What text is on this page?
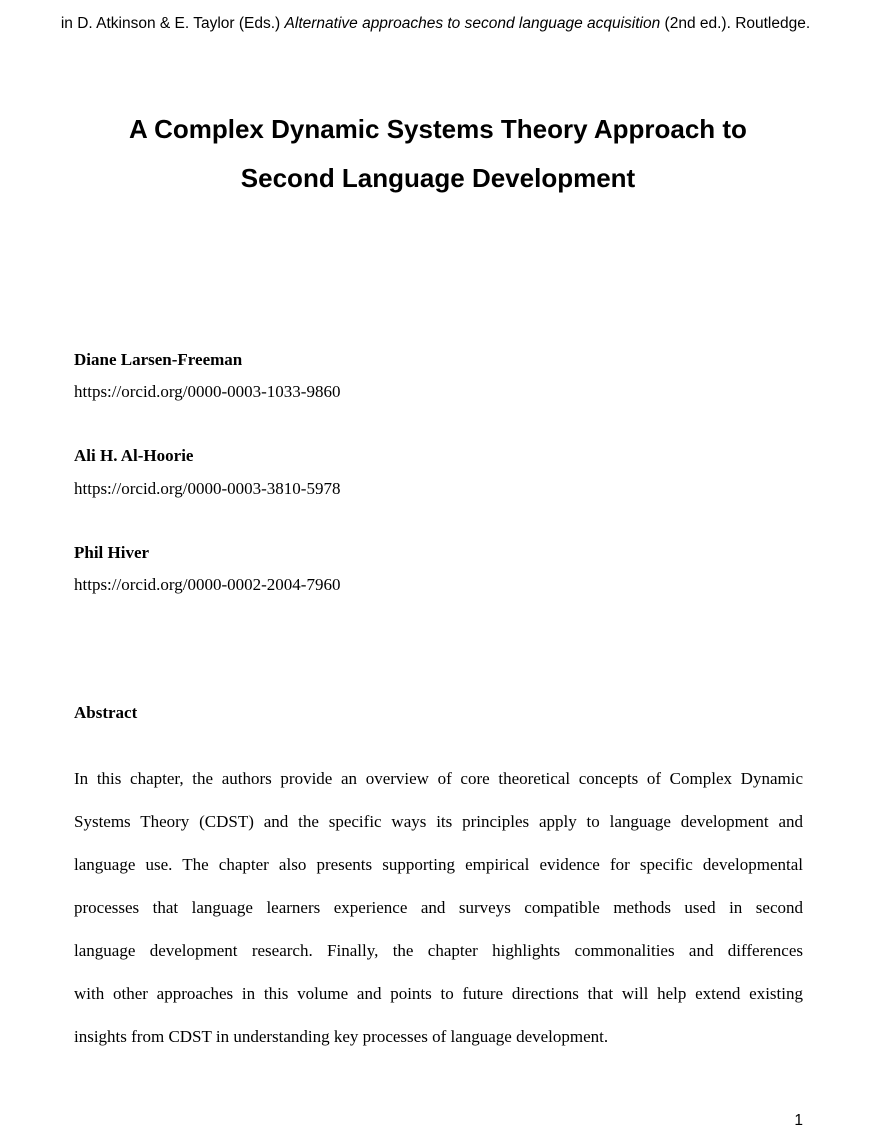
in D. Atkinson & E. Taylor (Eds.) Alternative approaches to second language acquisition (2nd ed.). Routledge.
A Complex Dynamic Systems Theory Approach to
Second Language Development
Diane Larsen-Freeman
https://orcid.org/0000-0003-1033-9860
Ali H. Al-Hoorie
https://orcid.org/0000-0003-3810-5978
Phil Hiver
https://orcid.org/0000-0002-2004-7960
Abstract
In this chapter, the authors provide an overview of core theoretical concepts of Complex Dynamic
Systems Theory (CDST) and the specific ways its principles apply to language development and
language use. The chapter also presents supporting empirical evidence for specific developmental
processes that language learners experience and surveys compatible methods used in second
language development research. Finally, the chapter highlights commonalities and differences
with other approaches in this volume and points to future directions that will help extend existing
insights from CDST in understanding key processes of language development.
1
